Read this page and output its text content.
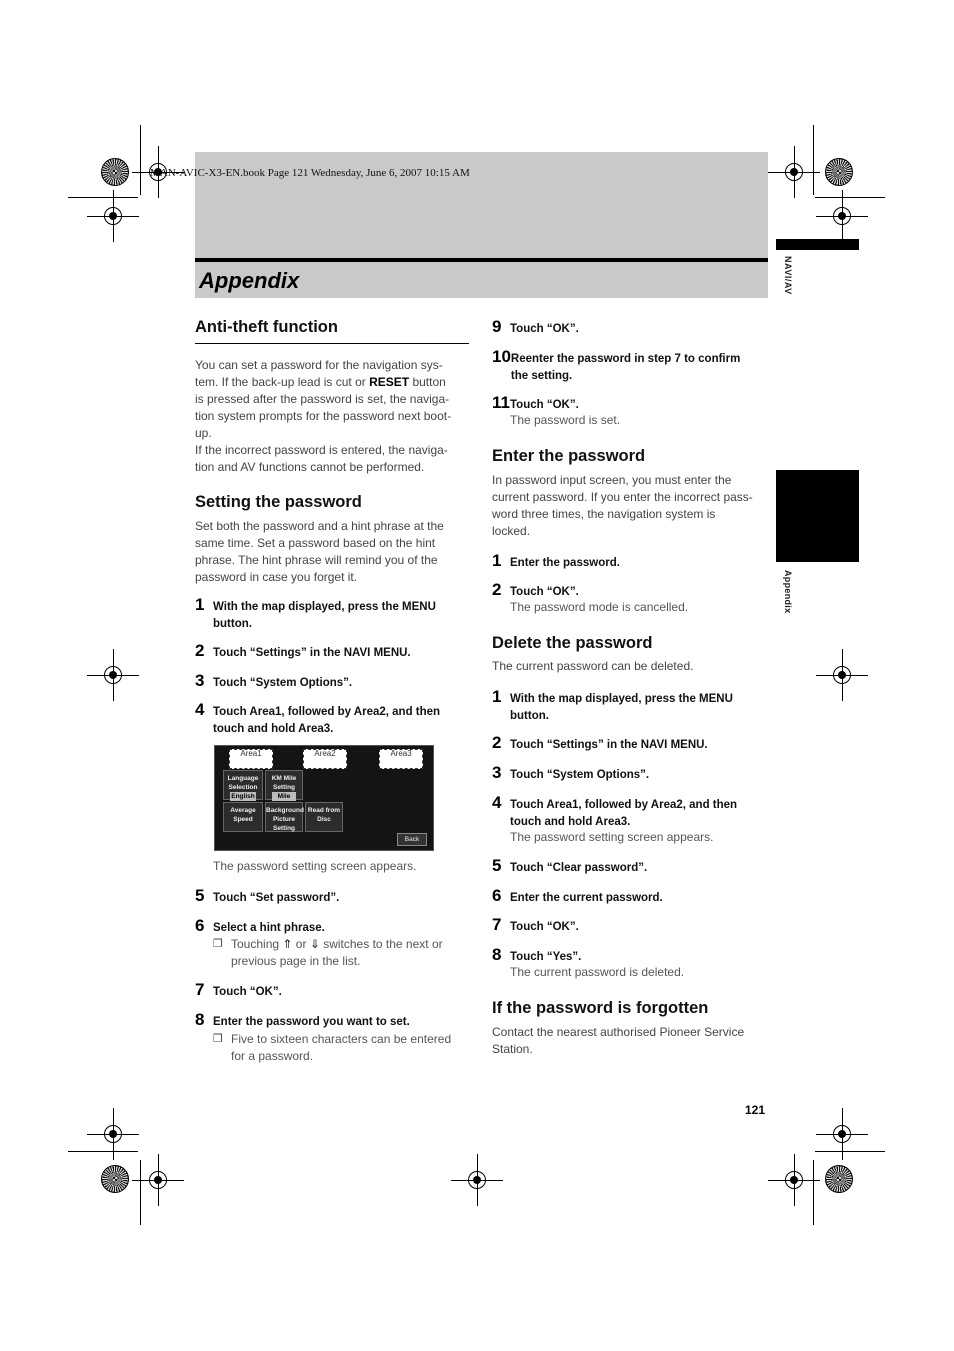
MAN-AVIC-X3-EN.book Page 121 Wednesday, June 6, 2007 10:15 AM
Appendix	NAVI/AV
Appendix
Anti-theft function

You can set a password for the navigation sys-

tem. If the back-up lead is cut or RESET button

is pressed after the password is set, the naviga-

tion system prompts for the password next boot-

up.

If the incorrect password is entered, the naviga-

tion and AV functions cannot be performed.

Setting the password

Set both the password and a hint phrase at the

same time. Set a password based on the hint

phrase. The hint phrase will remind you of the

password in case you forget it.

1 With the map displayed, press the MENU
button.
2 Touch “Settings” in the NAVI MENU.
3 Touch “System Options”.
4 Touch Area1, followed by Area2, and then
touch and hold Area3.
Area1	Area2	Area3
Language Selection
English
KM Mile Setting
Mile
Average Speed
Background Picture Setting
Read from Disc
Back
The password setting screen appears.
5 Touch “Set password”.
6 Select a hint phrase.
❒ Touching ⇑ or ⇓ switches to the next or
previous page in the list.
7 Touch “OK”.
8 Enter the password you want to set.
❒ Five to sixteen characters can be entered
for a password.
9 Touch “OK”.
10 Reenter the password in step 7 to confirm
the setting.
11 Touch “OK”.
The password is set.
Enter the password

In password input screen, you must enter the

current password. If you enter the incorrect pass-

word three times, the navigation system is

locked.

1 Enter the password.
2 Touch “OK”.
The password mode is cancelled.
Delete the password
The current password can be deleted.
1 With the map displayed, press the MENU
button.
2 Touch “Settings” in the NAVI MENU.
3 Touch “System Options”.
4 Touch Area1, followed by Area2, and then
touch and hold Area3.
The password setting screen appears.
5 Touch “Clear password”.
6 Enter the current password.
7 Touch “OK”.
8 Touch “Yes”.
The current password is deleted.
If the password is forgotten

Contact the nearest authorised Pioneer Service

Station.

121
